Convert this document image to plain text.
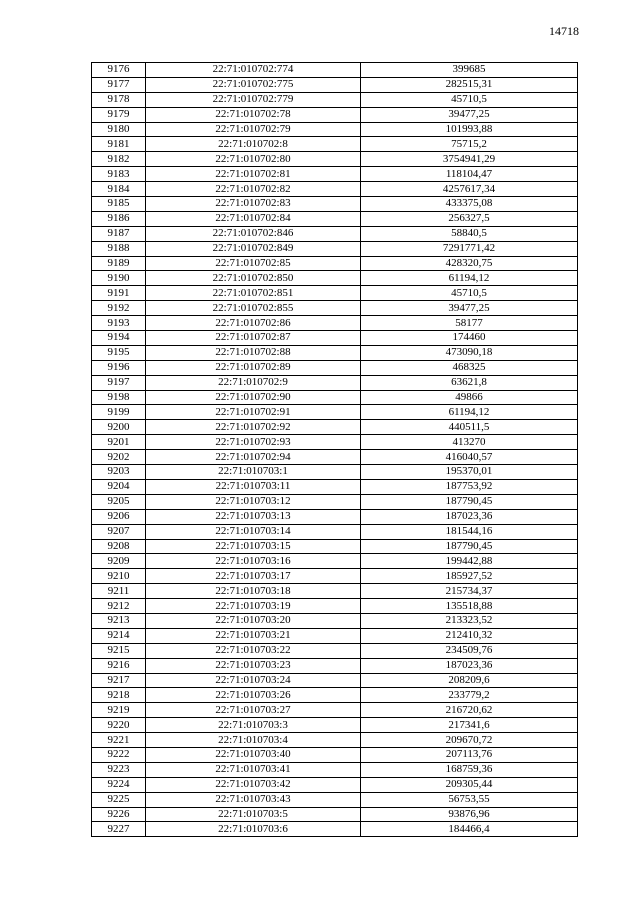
14718
9176	22:71:010702:774	399685
9177	22:71:010702:775	282515,31
9178	22:71:010702:779	45710,5
9179	22:71:010702:78	39477,25
9180	22:71:010702:79	101993,88
9181	22:71:010702:8	75715,2
9182	22:71:010702:80	3754941,29
9183	22:71:010702:81	118104,47
9184	22:71:010702:82	4257617,34
9185	22:71:010702:83	433375,08
9186	22:71:010702:84	256327,5
9187	22:71:010702:846	58840,5
9188	22:71:010702:849	7291771,42
9189	22:71:010702:85	428320,75
9190	22:71:010702:850	61194,12
9191	22:71:010702:851	45710,5
9192	22:71:010702:855	39477,25
9193	22:71:010702:86	58177
9194	22:71:010702:87	174460
9195	22:71:010702:88	473090,18
9196	22:71:010702:89	468325
9197	22:71:010702:9	63621,8
9198	22:71:010702:90	49866
9199	22:71:010702:91	61194,12
9200	22:71:010702:92	440511,5
9201	22:71:010702:93	413270
9202	22:71:010702:94	416040,57
9203	22:71:010703:1	195370,01
9204	22:71:010703:11	187753,92
9205	22:71:010703:12	187790,45
9206	22:71:010703:13	187023,36
9207	22:71:010703:14	181544,16
9208	22:71:010703:15	187790,45
9209	22:71:010703:16	199442,88
9210	22:71:010703:17	185927,52
9211	22:71:010703:18	215734,37
9212	22:71:010703:19	135518,88
9213	22:71:010703:20	213323,52
9214	22:71:010703:21	212410,32
9215	22:71:010703:22	234509,76
9216	22:71:010703:23	187023,36
9217	22:71:010703:24	208209,6
9218	22:71:010703:26	233779,2
9219	22:71:010703:27	216720,62
9220	22:71:010703:3	217341,6
9221	22:71:010703:4	209670,72
9222	22:71:010703:40	207113,76
9223	22:71:010703:41	168759,36
9224	22:71:010703:42	209305,44
9225	22:71:010703:43	56753,55
9226	22:71:010703:5	93876,96
9227	22:71:010703:6	184466,4
